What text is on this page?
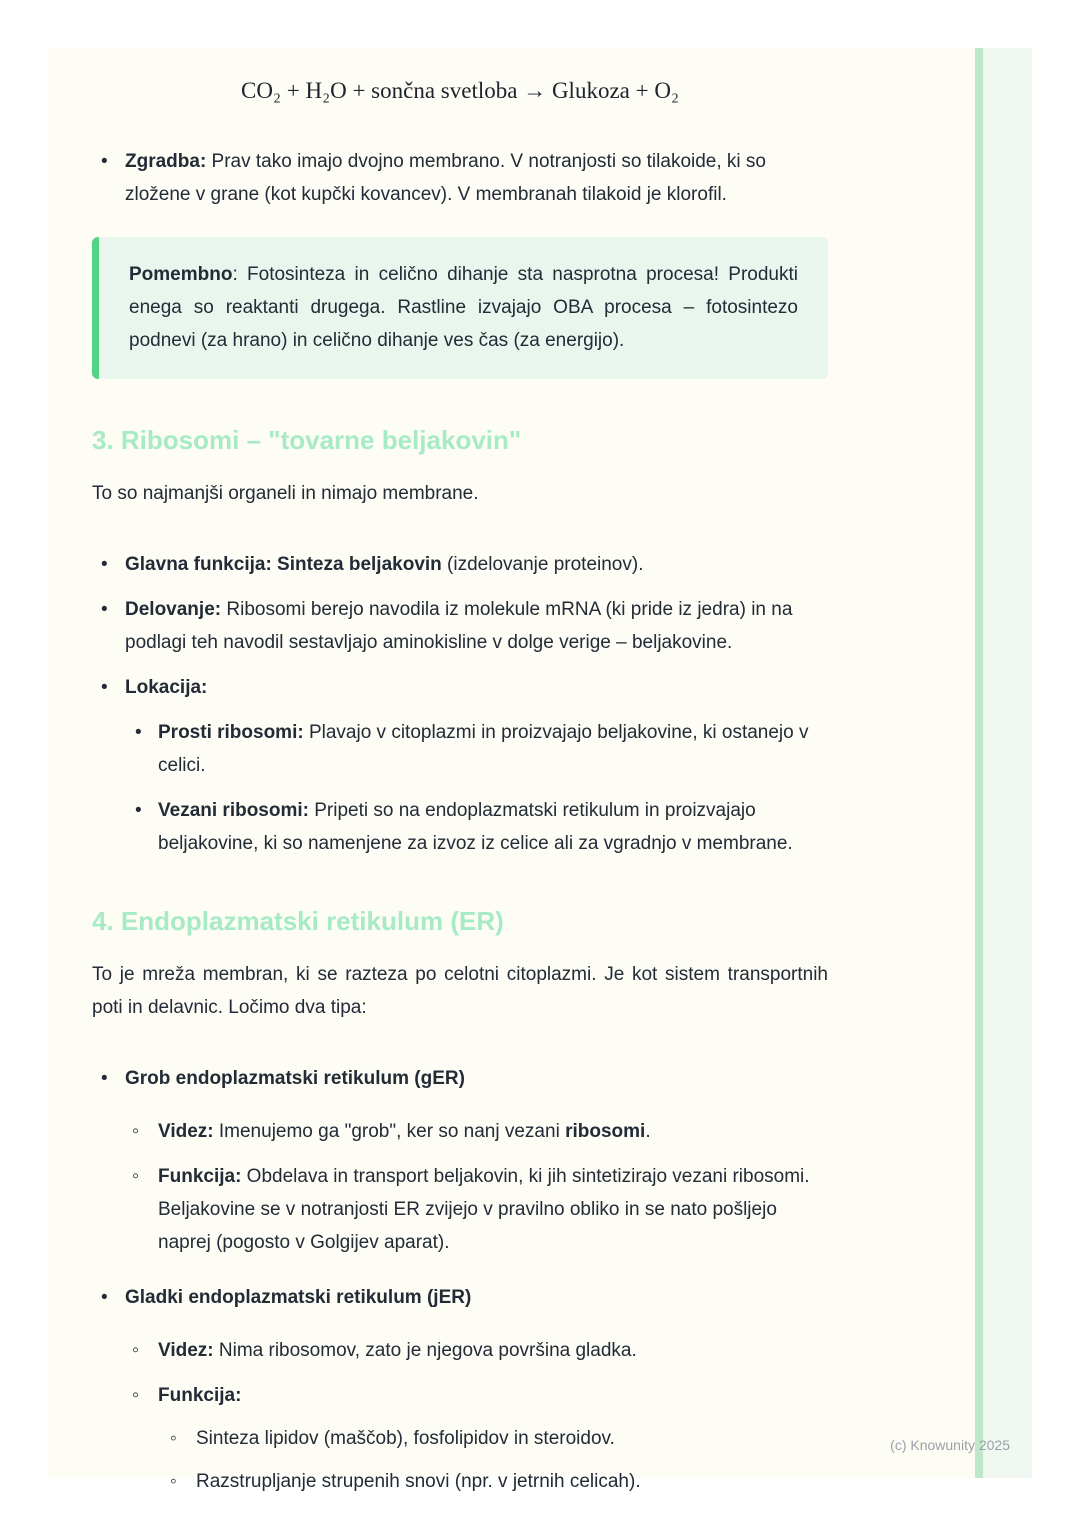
CO₂ + H₂O + sončna svetloba → Glukoza + O₂
• Zgradba: Prav tako imajo dvojno membrano. V notranjosti so tilakoide, ki so zložene v grane (kot kupčki kovancev). V membranah tilakoid je klorofil.
Pomembno: Fotosinteza in celično dihanje sta nasprotna procesa! Produkti enega so reaktanti drugega. Rastline izvajajo OBA procesa – fotosintezo podnevi (za hrano) in celično dihanje ves čas (za energijo).
3. Ribosomi – "tovarne beljakovin"

To so najmanjši organeli in nimajo membrane.

• Glavna funkcija: Sinteza beljakovin (izdelovanje proteinov).
• Delovanje: Ribosomi berejo navodila iz molekule mRNA (ki pride iz jedra) in na podlagi teh navodil sestavljajo aminokisline v dolge verige – beljakovine.
• Lokacija:
• Prosti ribosomi: Plavajo v citoplazmi in proizvajajo beljakovine, ki ostanejo v celici.
• Vezani ribosomi: Pripeti so na endoplazmatski retikulum in proizvajajo beljakovine, ki so namenjene za izvoz iz celice ali za vgradnjo v membrane.
4. Endoplazmatski retikulum (ER)

To je mreža membran, ki se razteza po celotni citoplazmi. Je kot sistem transportnih poti in delavnic. Ločimo dva tipa:

• Grob endoplazmatski retikulum (gER)
◦ Videz: Imenujemo ga "grob", ker so nanj vezani ribosomi.
◦ Funkcija: Obdelava in transport beljakovin, ki jih sintetizirajo vezani ribosomi. Beljakovine se v notranjosti ER zvijejo v pravilno obliko in se nato pošljejo naprej (pogosto v Golgijev aparat).
• Gladki endoplazmatski retikulum (jER)
◦ Videz: Nima ribosomov, zato je njegova površina gladka.
◦ Funkcija:
◦ Sinteza lipidov (maščob), fosfolipidov in steroidov.
◦ Razstrupljanje strupenih snovi (npr. v jetrnih celicah).
(c) Knowunity 2025
